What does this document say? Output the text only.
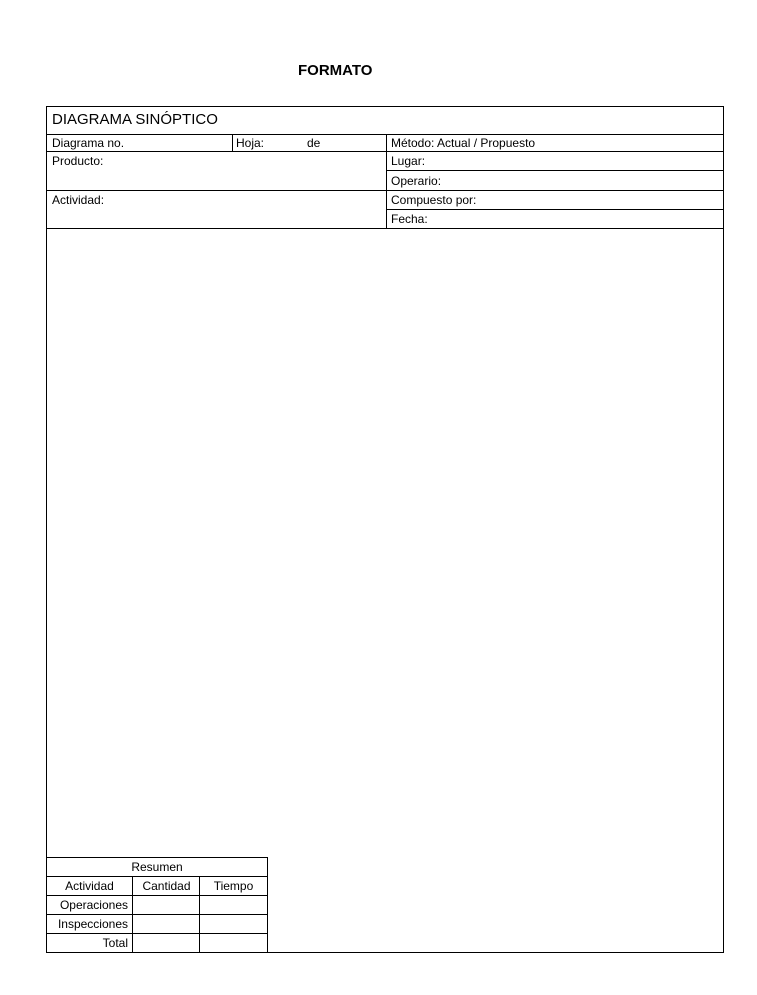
FORMATO
DIAGRAMA SINÓPTICO
Diagrama no.	Hoja:	de	Método: Actual / Propuesto
Producto:	Lugar:
Operario:
Actividad:	Compuesto por:
Fecha:
Resumen
Actividad	Cantidad	Tiempo
Operaciones
Inspecciones
Total
